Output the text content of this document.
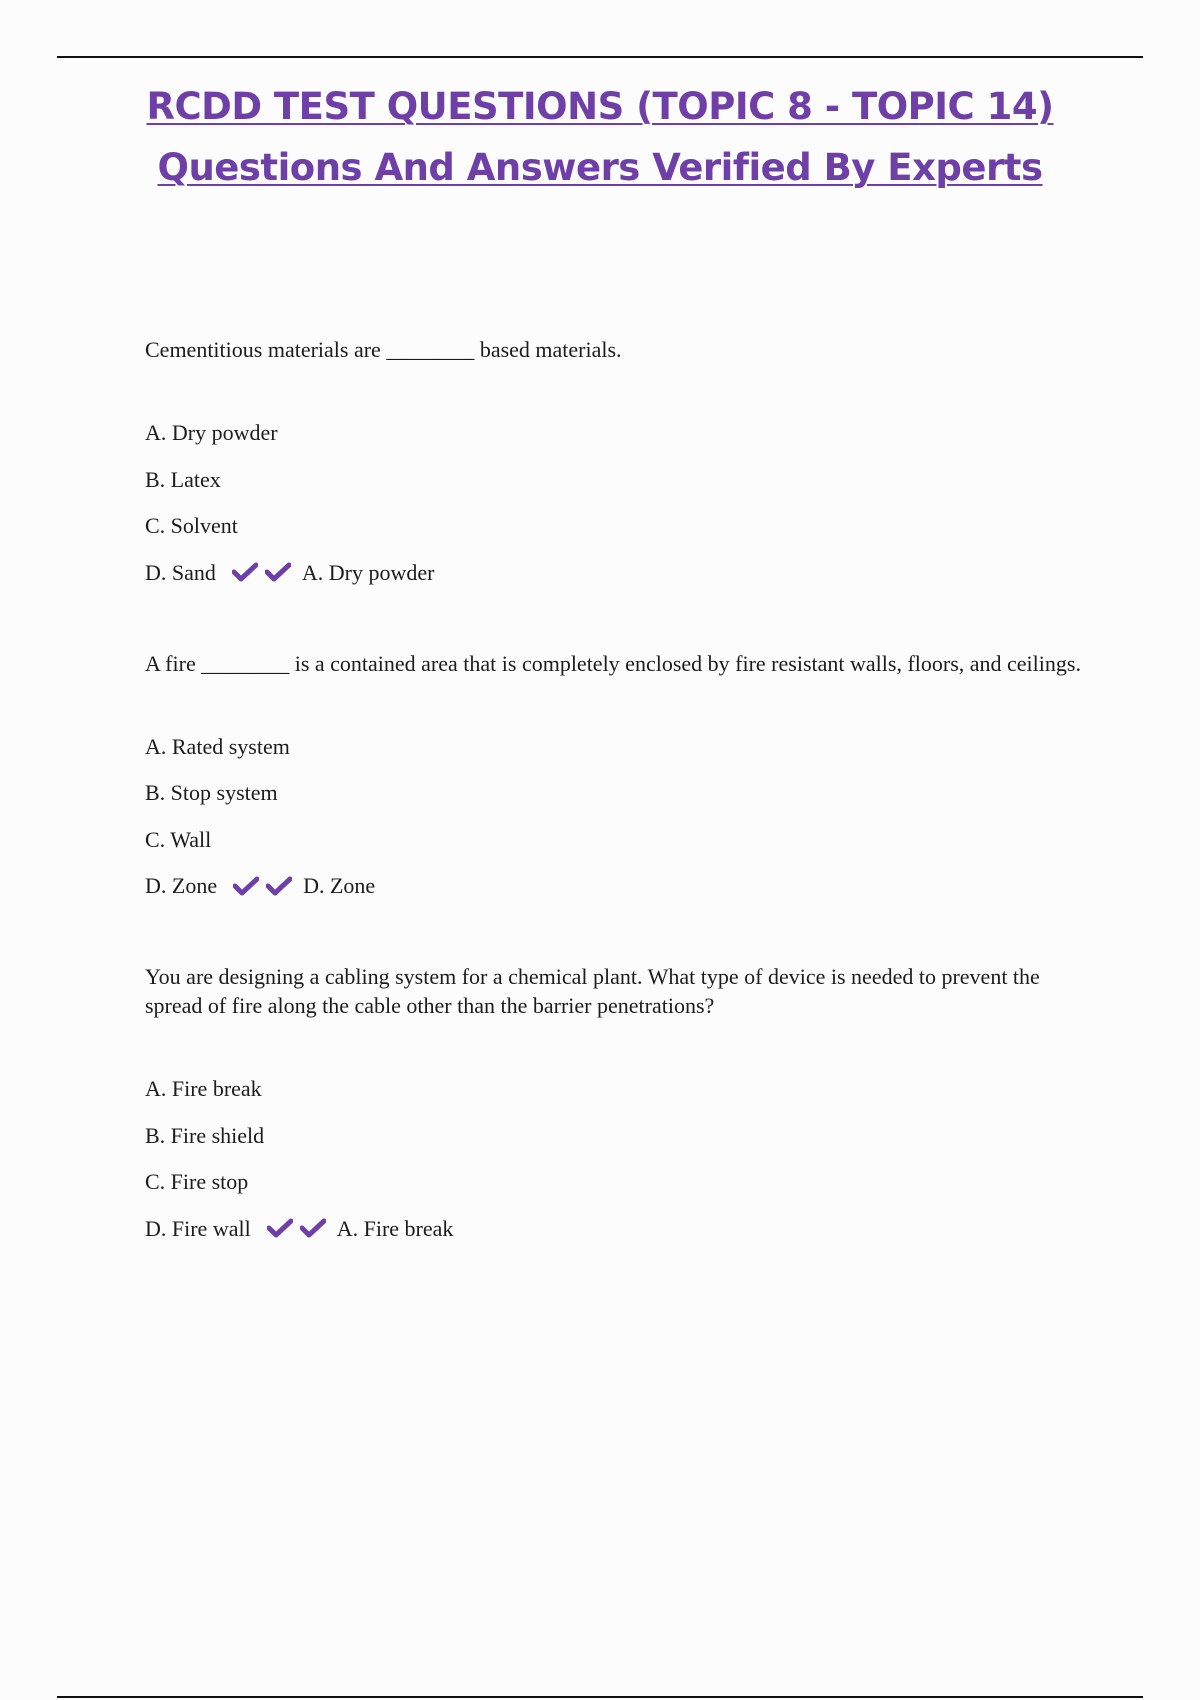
RCDD TEST QUESTIONS (TOPIC 8 - TOPIC 14)
Questions And Answers Verified By Experts

Cementitious materials are ________ based materials.

A. Dry powder
B. Latex
C. Solvent
D. Sand	A. Dry powder

A fire ________ is a contained area that is completely enclosed by fire resistant walls, floors, and ceilings.

A. Rated system
B. Stop system
C. Wall
D. Zone	D. Zone

You are designing a cabling system for a chemical plant. What type of device is needed to prevent the spread of fire along the cable other than the barrier penetrations?

A. Fire break
B. Fire shield
C. Fire stop
D. Fire wall	A. Fire break
